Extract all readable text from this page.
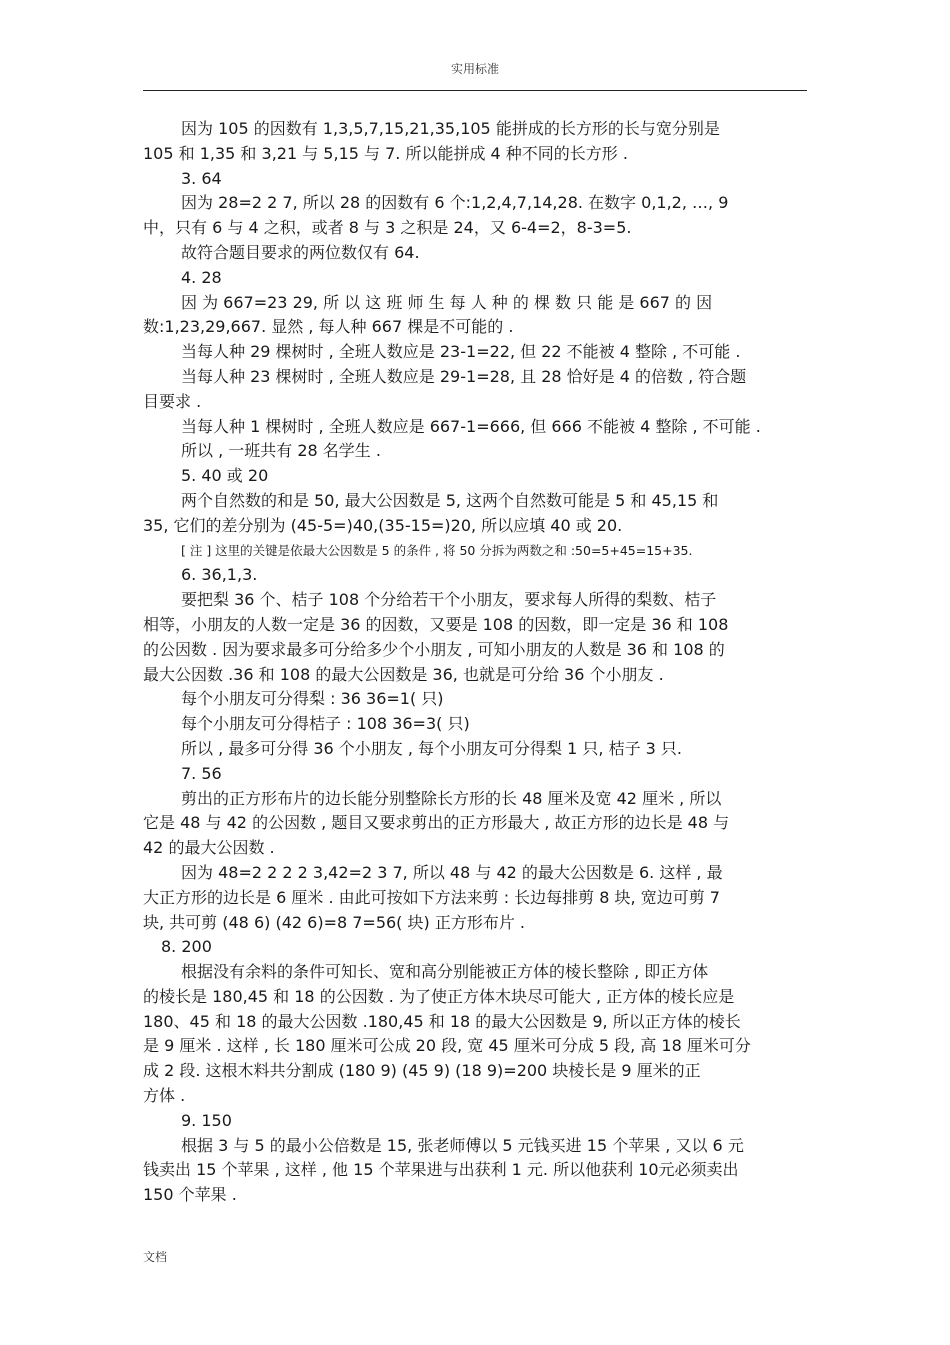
实用标准
因为 105 的因数有 1,3,5,7,15,21,35,105 能拼成的长方形的长与宽分别是
105 和 1,35 和 3,21 与 5,15 与 7. 所以能拼成 4 种不同的长方形 .
3. 64
因为 28=2 2 7, 所以 28 的因数有 6 个:1,2,4,7,14,28. 在数字 0,1,2, …, 9
中，只有 6 与 4 之积，或者 8 与 3 之积是 24，又 6-4=2，8-3=5.
故符合题目要求的两位数仅有 64.
4. 28
因 为 667=23 29, 所 以 这 班 师 生 每 人 种 的 棵 数 只 能 是 667 的 因
数:1,23,29,667. 显然 , 每人种 667 棵是不可能的 .
当每人种 29 棵树时 , 全班人数应是 23-1=22, 但 22 不能被 4 整除 , 不可能 .
当每人种 23 棵树时 , 全班人数应是 29-1=28, 且 28 恰好是 4 的倍数 , 符合题
目要求 .
当每人种 1 棵树时 , 全班人数应是 667-1=666, 但 666 不能被 4 整除 , 不可能 .
所以 , 一班共有 28 名学生 .
5. 40 或 20
两个自然数的和是 50, 最大公因数是 5, 这两个自然数可能是 5 和 45,15 和
35, 它们的差分别为 (45-5=)40,(35-15=)20, 所以应填 40 或 20.
[ 注 ] 这里的关键是依最大公因数是 5 的条件 , 将 50 分拆为两数之和 :50=5+45=15+35.
6. 36,1,3.
要把梨 36 个、桔子 108 个分给若干个小朋友，要求每人所得的梨数、桔子
相等，小朋友的人数一定是 36 的因数，又要是 108 的因数，即一定是 36 和 108
的公因数 . 因为要求最多可分给多少个小朋友 , 可知小朋友的人数是 36 和 108 的
最大公因数 .36 和 108 的最大公因数是 36, 也就是可分给 36 个小朋友 .
每个小朋友可分得梨 : 36 36=1( 只)
每个小朋友可分得桔子 : 108 36=3( 只)
所以 , 最多可分得 36 个小朋友 , 每个小朋友可分得梨 1 只, 桔子 3 只.
7. 56
剪出的正方形布片的边长能分别整除长方形的长 48 厘米及宽 42 厘米 , 所以
它是 48 与 42 的公因数 , 题目又要求剪出的正方形最大 , 故正方形的边长是 48 与
42 的最大公因数 .
因为 48=2 2 2 2 3,42=2 3 7, 所以 48 与 42 的最大公因数是 6. 这样 , 最
大正方形的边长是 6 厘米 . 由此可按如下方法来剪 : 长边每排剪 8 块, 宽边可剪 7
块, 共可剪 (48 6) (42 6)=8 7=56( 块) 正方形布片 .
8. 200
根据没有余料的条件可知长、宽和高分别能被正方体的棱长整除 , 即正方体
的棱长是 180,45 和 18 的公因数 . 为了使正方体木块尽可能大 , 正方体的棱长应是
180、45 和 18 的最大公因数 .180,45 和 18 的最大公因数是 9, 所以正方体的棱长
是 9 厘米 . 这样 , 长 180 厘米可公成 20 段, 宽 45 厘米可分成 5 段, 高 18 厘米可分
成 2 段. 这根木料共分割成 (180 9) (45 9) (18 9)=200 块棱长是 9 厘米的正
方体 .
9. 150
根据 3 与 5 的最小公倍数是 15, 张老师傅以 5 元钱买进 15 个苹果 , 又以 6 元
钱卖出 15 个苹果 , 这样 , 他 15 个苹果进与出获利 1 元. 所以他获利 10元必须卖出
150 个苹果 .
文档
